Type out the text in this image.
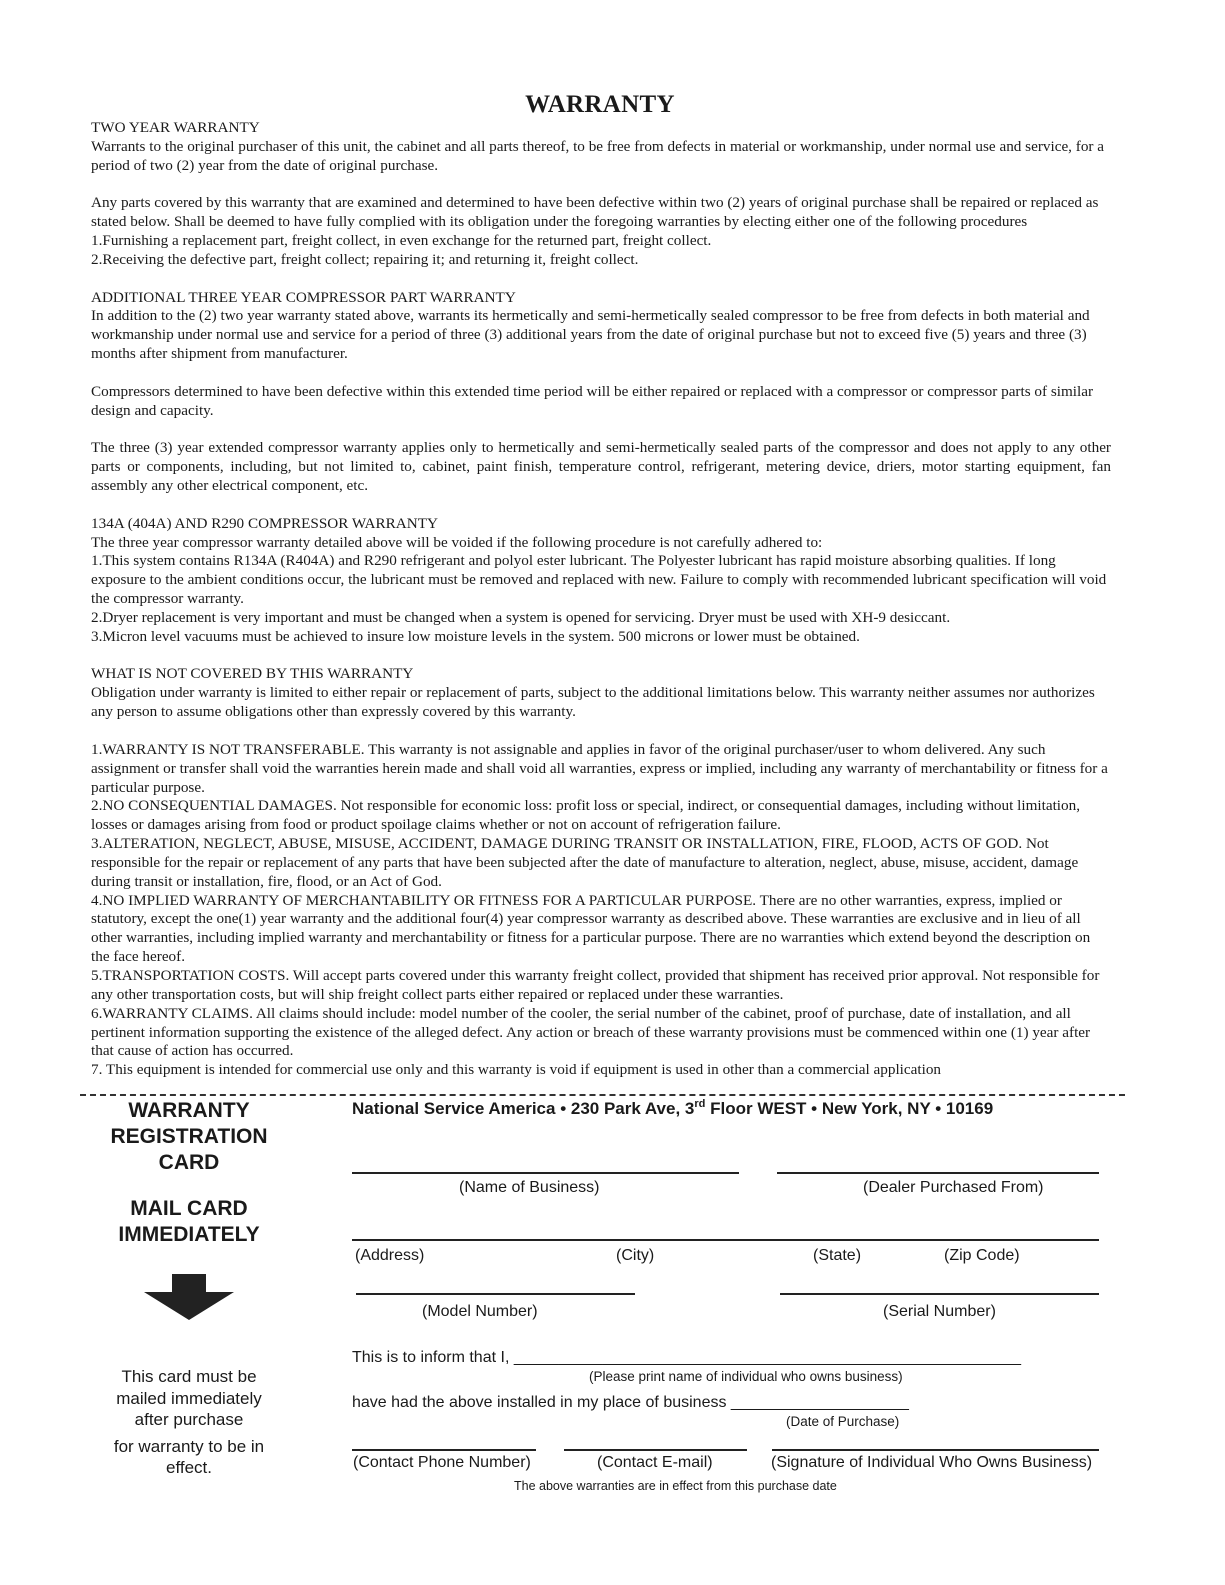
WARRANTY

TWO YEAR WARRANTY

Warrants to the original purchaser of this unit, the cabinet and all parts thereof, to be free from defects in material or workmanship, under normal use and service, for a period of two (2) year from the date of original purchase.

Any parts covered by this warranty that are examined and determined to have been defective within two (2) years of original purchase shall be repaired or replaced as stated below. Shall be deemed to have fully complied with its obligation under the foregoing warranties by electing either one of the following procedures

1.Furnishing a replacement part, freight collect, in even exchange for the returned part, freight collect.

2.Receiving the defective part, freight collect; repairing it; and returning it, freight collect.

ADDITIONAL THREE YEAR COMPRESSOR PART WARRANTY

In addition to the (2) two year warranty stated above, warrants its hermetically and semi-hermetically sealed compressor to be free from defects in both material and workmanship under normal use and service for a period of three (3) additional years from the date of original purchase but not to exceed five (5) years and three (3) months after shipment from manufacturer.

Compressors determined to have been defective within this extended time period will be either repaired or replaced with a compressor or compressor parts of similar design and capacity.

The three (3) year extended compressor warranty applies only to hermetically and semi-hermetically sealed parts of the compressor and does not apply to any other parts or components, including, but not limited to, cabinet, paint finish, temperature control, refrigerant, metering device, driers, motor starting equipment, fan assembly any other electrical component, etc.

134A (404A) AND R290 COMPRESSOR WARRANTY

The three year compressor warranty detailed above will be voided if the following procedure is not carefully adhered to:

1.This system contains R134A (R404A) and R290 refrigerant and polyol ester lubricant. The Polyester lubricant has rapid moisture absorbing qualities. If long exposure to the ambient conditions occur, the lubricant must be removed and replaced with new. Failure to comply with recommended lubricant specification will void the compressor warranty.

2.Dryer replacement is very important and must be changed when a system is opened for servicing. Dryer must be used with XH-9 desiccant.

3.Micron level vacuums must be achieved to insure low moisture levels in the system. 500 microns or lower must be obtained.

WHAT IS NOT COVERED BY THIS WARRANTY

Obligation under warranty is limited to either repair or replacement of parts, subject to the additional limitations below. This warranty neither assumes nor authorizes any person to assume obligations other than expressly covered by this warranty.

1.WARRANTY IS NOT TRANSFERABLE. This warranty is not assignable and applies in favor of the original purchaser/user to whom delivered. Any such assignment or transfer shall void the warranties herein made and shall void all warranties, express or implied, including any warranty of merchantability or fitness for a particular purpose.

2.NO CONSEQUENTIAL DAMAGES. Not responsible for economic loss: profit loss or special, indirect, or consequential damages, including without limitation, losses or damages arising from food or product spoilage claims whether or not on account of refrigeration failure.

3.ALTERATION, NEGLECT, ABUSE, MISUSE, ACCIDENT, DAMAGE DURING TRANSIT OR INSTALLATION, FIRE, FLOOD, ACTS OF GOD. Not responsible for the repair or replacement of any parts that have been subjected after the date of manufacture to alteration, neglect, abuse, misuse, accident, damage during transit or installation, fire, flood, or an Act of God.

4.NO IMPLIED WARRANTY OF MERCHANTABILITY OR FITNESS FOR A PARTICULAR PURPOSE. There are no other warranties, express, implied or statutory, except the one(1) year warranty and the additional four(4) year compressor warranty as described above. These warranties are exclusive and in lieu of all other warranties, including implied warranty and merchantability or fitness for a particular purpose. There are no warranties which extend beyond the description on the face hereof.

5.TRANSPORTATION COSTS. Will accept parts covered under this warranty freight collect, provided that shipment has received prior approval. Not responsible for any other transportation costs, but will ship freight collect parts either repaired or replaced under these warranties.

6.WARRANTY CLAIMS. All claims should include: model number of the cooler, the serial number of the cabinet, proof of purchase, date of installation, and all pertinent information supporting the existence of the alleged defect. Any action or breach of these warranty provisions must be commenced within one (1) year after that cause of action has occurred.

7. This equipment is intended for commercial use only and this warranty is void if equipment is used in other than a commercial application

WARRANTY
REGISTRATION
CARD
MAIL CARD
IMMEDIATELY
This card must be
mailed immediately
after purchase
for warranty to be in
effect.
National Service America • 230 Park Ave, 3rd Floor WEST • New York, NY • 10169
(Name of Business)	(Dealer Purchased From)
(Address)	(City)	(State)	(Zip Code)
(Model Number)	(Serial Number)
This is to inform that I, _________________________________________________________
(Please print name of individual who owns business)
have had the above installed in my place of business ____________________
(Date of Purchase)
(Contact Phone Number)	(Contact E-mail)	(Signature of Individual Who Owns Business)
The above warranties are in effect from this purchase date
